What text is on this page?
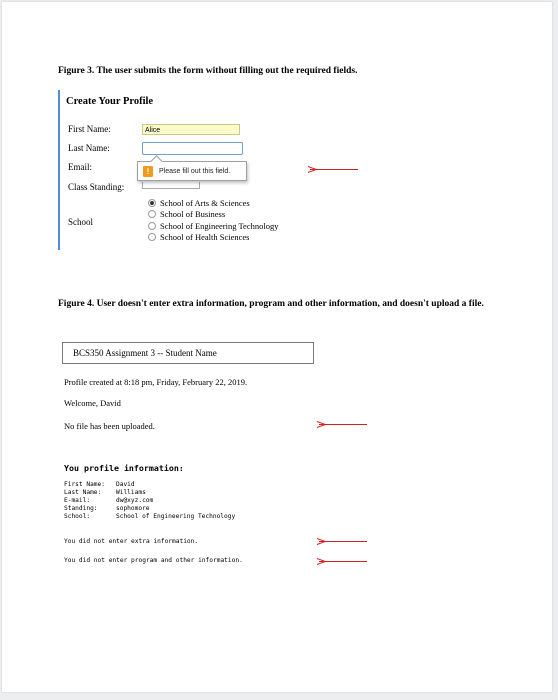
Figure 3. The user submits the form without filling out the required fields.
Create Your Profile
First Name:	Alice
Last Name:
Email:
Class Standing:
!	Please fill out this field.
School
School of Arts & Sciences
School of Business
School of Engineering Technology
School of Health Sciences
Figure 4. User doesn't enter extra information, program and other information, and doesn't upload a file.
BCS350 Assignment 3 -- Student Name
Profile created at 8:18 pm, Friday, February 22, 2019.
Welcome, David
No file has been uploaded.
You profile information:
First Name: David
Last Name: Williams
E-mail:	dw@xyz.com
Standing:	sophomore
School:	School of Engineering Technology
You did not enter extra information.
You did not enter program and other information.
